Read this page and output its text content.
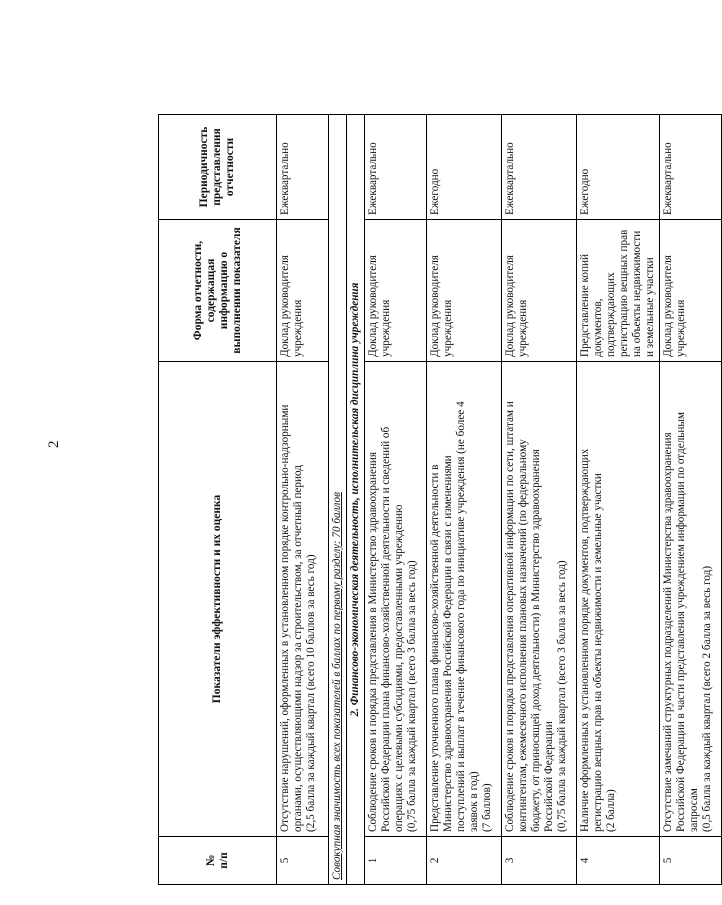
2
№
п/п	Показатели эффективности и их оценка	Форма отчетности, содержащая информацию о выполнении показателя	Периодичность представления отчетности
5	Отсутствие нарушений, оформленных в установленном порядке контрольно-надзорными органами, осуществляющими надзор за строительством, за отчетный период (2,5 балла за каждый квартал (всего 10 баллов за весь год)	Доклад руководителя учреждения	Ежеквартально
Совокупная значимость всех показателей в баллах по первому разделу: 70 баллов			
2. Финансово-экономическая деятельность, исполнительская дисциплина учреждения			
1	Соблюдение сроков и порядка представления в Министерство здравоохранения Российской Федерации плана финансово-хозяйственной деятельности и сведений об операциях с целевыми субсидиями, предоставленными учреждению (0,75 балла за каждый квартал (всего 3 балла за весь год)	Доклад руководителя учреждения	Ежеквартально
2	Представление уточненного плана финансово-хозяйственной деятельности в Министерство здравоохранения Российской Федерации в связи с изменениями поступлений и выплат в течение финансового года по инициативе учреждения (не более 4 заявок в год) (7 баллов)	Доклад руководителя учреждения	Ежегодно
3	Соблюдение сроков и порядка представления оперативной информации по сети, штатам и контингентам, ежемесячного исполнения плановых назначений (по федеральному бюджету, от приносящей доход деятельности) в Министерство здравоохранения Российской Федерации (0,75 балла за каждый квартал (всего 3 балла за весь год)	Доклад руководителя учреждения	Ежеквартально
4	Наличие оформленных в установленном порядке документов, подтверждающих регистрацию вещных прав на объекты недвижимости и земельные участки (2 балла)	Представление копий документов, подтверждающих регистрацию вещных прав на объекты недвижимости и земельные участки	Ежегодно
5	Отсутствие замечаний структурных подразделений Министерства здравоохранения Российской Федерации в части представления учреждением информации по отдельным запросам (0,5 балла за каждый квартал (всего 2 балла за весь год)	Доклад руководителя учреждения	Ежеквартально
